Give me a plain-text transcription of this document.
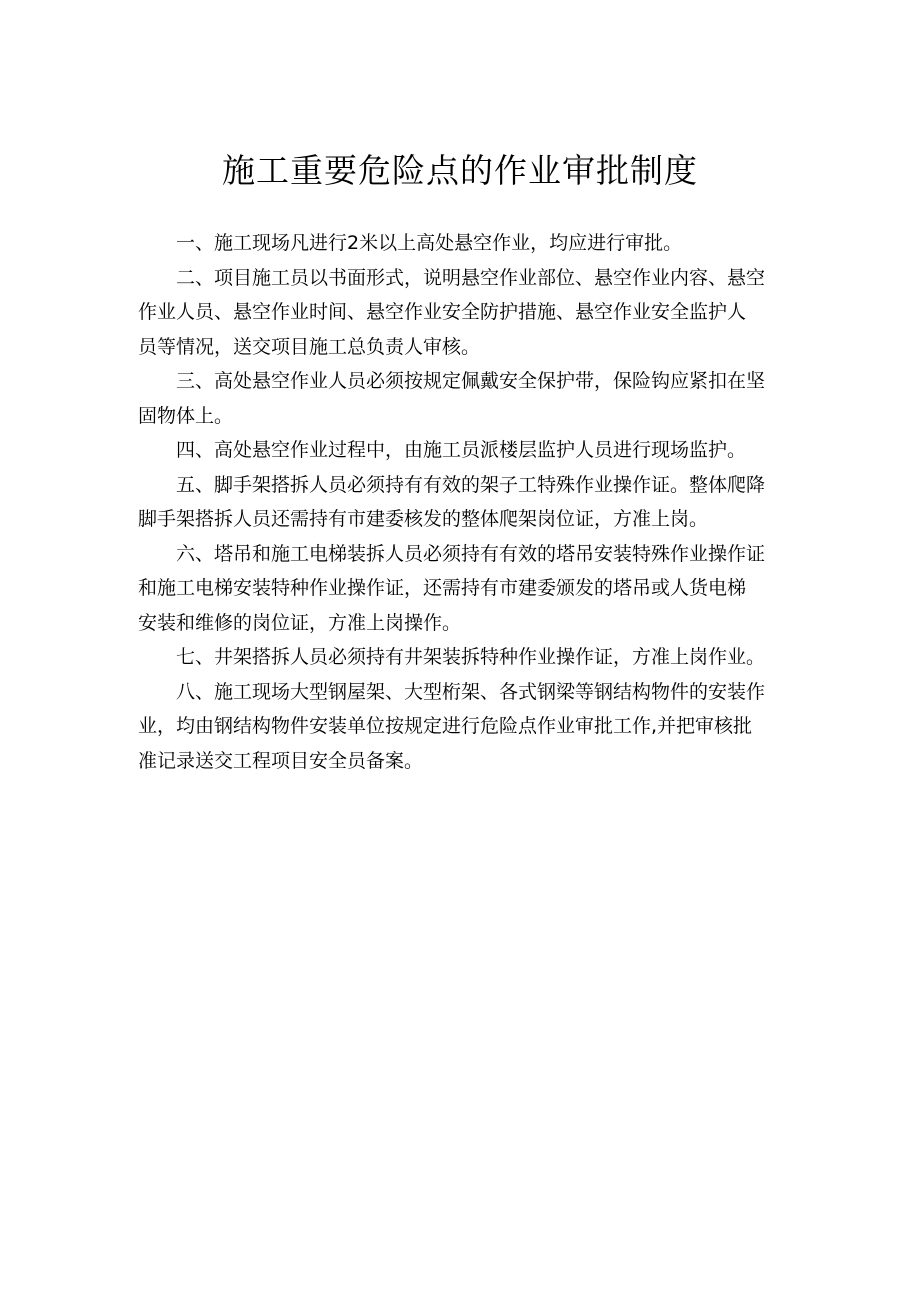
施工重要危险点的作业审批制度

一、施工现场凡进行2米以上高处悬空作业，均应进行审批。

二、项目施工员以书面形式，说明悬空作业部位、悬空作业内容、悬空
作业人员、悬空作业时间、悬空作业安全防护措施、悬空作业安全监护人
员等情况，送交项目施工总负责人审核。

三、高处悬空作业人员必须按规定佩戴安全保护带，保险钩应紧扣在坚
固物体上。

四、高处悬空作业过程中，由施工员派楼层监护人员进行现场监护。

五、脚手架搭拆人员必须持有有效的架子工特殊作业操作证。整体爬降
脚手架搭拆人员还需持有市建委核发的整体爬架岗位证，方准上岗。

六、塔吊和施工电梯装拆人员必须持有有效的塔吊安装特殊作业操作证
和施工电梯安装特种作业操作证，还需持有市建委颁发的塔吊或人货电梯
安装和维修的岗位证，方准上岗操作。

七、井架搭拆人员必须持有井架装拆特种作业操作证，方准上岗作业。

八、施工现场大型钢屋架、大型桁架、各式钢梁等钢结构物件的安装作
业，均由钢结构物件安装单位按规定进行危险点作业审批工作,并把审核批
准记录送交工程项目安全员备案。
